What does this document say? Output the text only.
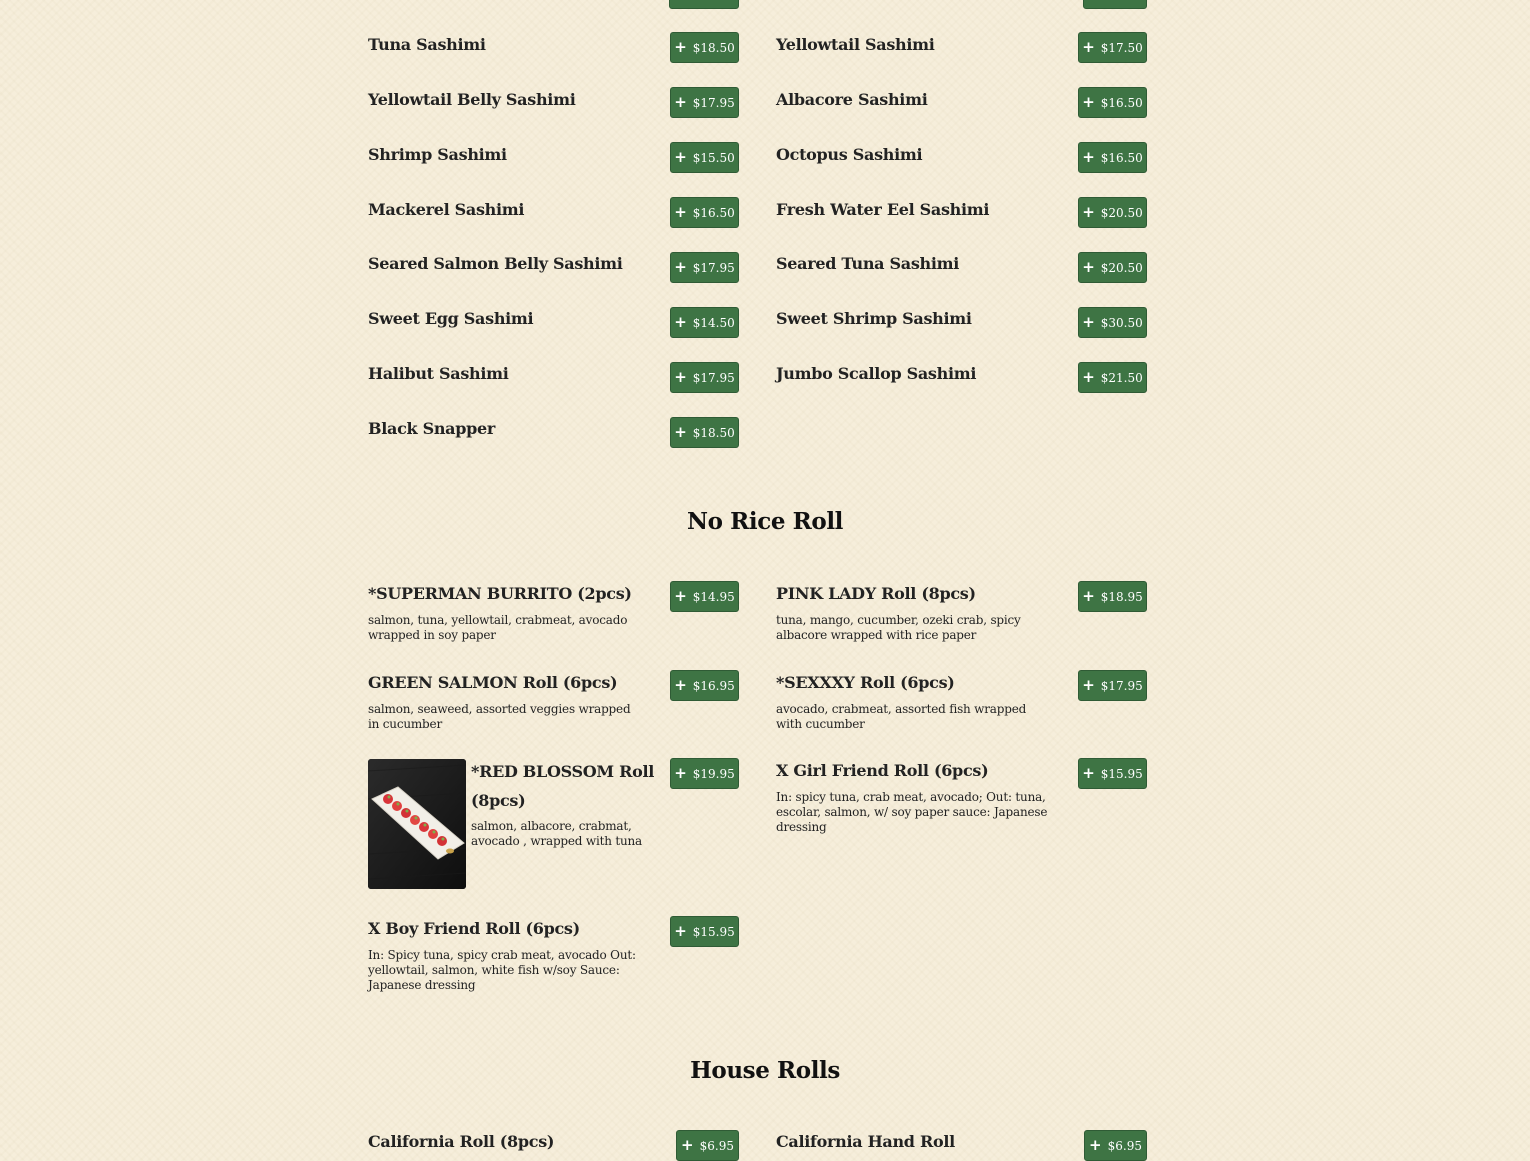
Tuna Sashimi	+ $18.50	Yellowtail Sashimi	+ $17.50
Yellowtail Belly Sashimi	+ $17.95	Albacore Sashimi	+ $16.50
Shrimp Sashimi	+ $15.50	Octopus Sashimi	+ $16.50
Mackerel Sashimi	+ $16.50	Fresh Water Eel Sashimi	+ $20.50
Seared Salmon Belly Sashimi	+ $17.95	Seared Tuna Sashimi	+ $20.50
Sweet Egg Sashimi	+ $14.50	Sweet Shrimp Sashimi	+ $30.50
Halibut Sashimi	+ $17.95	Jumbo Scallop Sashimi	+ $21.50
Black Snapper	+ $18.50
No Rice Roll
*SUPERMAN BURRITO (2pcs)
salmon, tuna, yellowtail, crabmeat, avocado wrapped in soy paper
+ $14.95	PINK LADY Roll (8pcs)
tuna, mango, cucumber, ozeki crab, spicy albacore wrapped with rice paper
+ $18.95
GREEN SALMON Roll (6pcs)
salmon, seaweed, assorted veggies wrapped in cucumber
+ $16.95	*SEXXXY Roll (6pcs)
avocado, crabmeat, assorted fish wrapped with cucumber
+ $17.95
*RED BLOSSOM Roll (8pcs)
salmon, albacore, crabmat, avocado , wrapped with tuna
+ $19.95	X Girl Friend Roll (6pcs)
In: spicy tuna, crab meat, avocado; Out: tuna, escolar, salmon, w/ soy paper sauce: Japanese dressing
+ $15.95
X Boy Friend Roll (6pcs)
In: Spicy tuna, spicy crab meat, avocado Out: yellowtail, salmon, white fish w/soy Sauce: Japanese dressing
+ $15.95
House Rolls
California Roll (8pcs)	+ $6.95	California Hand Roll	+ $6.95
